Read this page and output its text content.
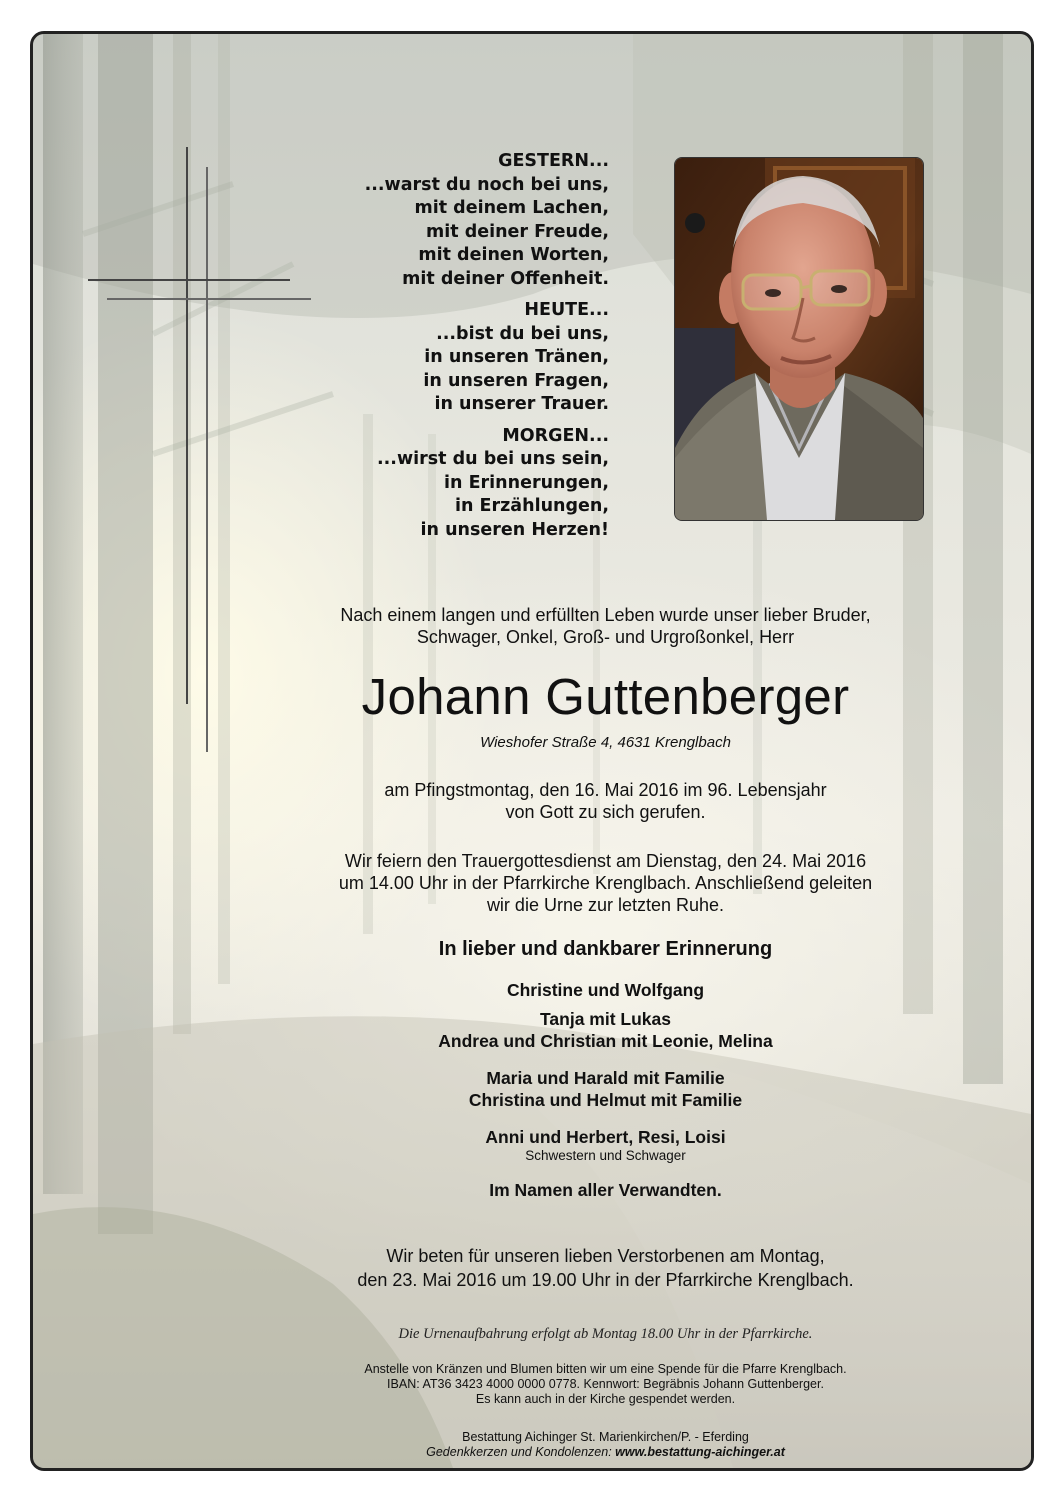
GESTERN...
...warst du noch bei uns,
mit deinem Lachen,
mit deiner Freude,
mit deinen Worten,
mit deiner Offenheit.
HEUTE...
...bist du bei uns,
in unseren Tränen,
in unseren Fragen,
in unserer Trauer.
MORGEN...
...wirst du bei uns sein,
in Erinnerungen,
in Erzählungen,
in unseren Herzen!
Nach einem langen und erfüllten Leben wurde unser lieber Bruder,
Schwager, Onkel, Groß- und Urgroßonkel, Herr
Johann Guttenberger
Wieshofer Straße 4, 4631 Krenglbach
am Pfingstmontag, den 16. Mai 2016 im 96. Lebensjahr
von Gott zu sich gerufen.
Wir feiern den Trauergottesdienst am Dienstag, den 24. Mai 2016
um 14.00 Uhr in der Pfarrkirche Krenglbach. Anschließend geleiten
wir die Urne zur letzten Ruhe.
In lieber und dankbarer Erinnerung
Christine und Wolfgang
Tanja mit Lukas
Andrea und Christian mit Leonie, Melina
Maria und Harald mit Familie
Christina und Helmut mit Familie
Anni und Herbert, Resi, Loisi
Schwestern und Schwager
Im Namen aller Verwandten.
Wir beten für unseren lieben Verstorbenen am Montag,
den 23. Mai 2016 um 19.00 Uhr in der Pfarrkirche Krenglbach.
Die Urnenaufbahrung erfolgt ab Montag 18.00 Uhr in der Pfarrkirche.
Anstelle von Kränzen und Blumen bitten wir um eine Spende für die Pfarre Krenglbach.
IBAN: AT36 3423 4000 0000 0778. Kennwort: Begräbnis Johann Guttenberger.
Es kann auch in der Kirche gespendet werden.
Bestattung Aichinger St. Marienkirchen/P. - Eferding
Gedenkkerzen und Kondolenzen: www.bestattung-aichinger.at
